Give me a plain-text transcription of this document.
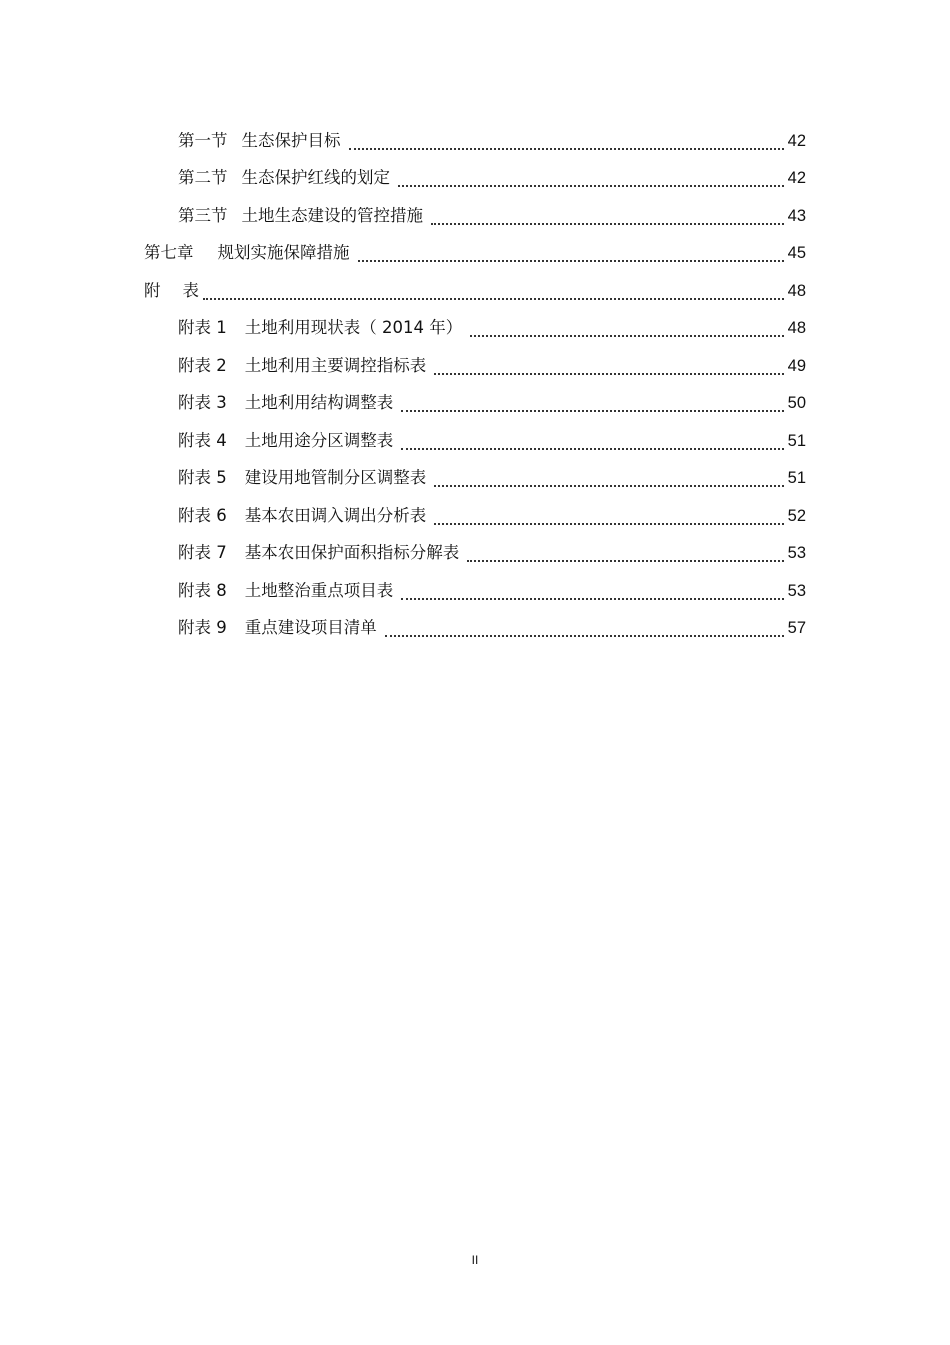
第一节 生态保护目标	42
第二节 生态保护红线的划定	42
第三节 土地生态建设的管控措施	43
第七章 规划实施保障措施	45
附 表	48
附表 1 土地利用现状表（ 2014 年）	48
附表 2 土地利用主要调控指标表	49
附表 3 土地利用结构调整表	50
附表 4 土地用途分区调整表	51
附表 5 建设用地管制分区调整表	51
附表 6 基本农田调入调出分析表	52
附表 7 基本农田保护面积指标分解表	53
附表 8 土地整治重点项目表	53
附表 9 重点建设项目清单	57
II
